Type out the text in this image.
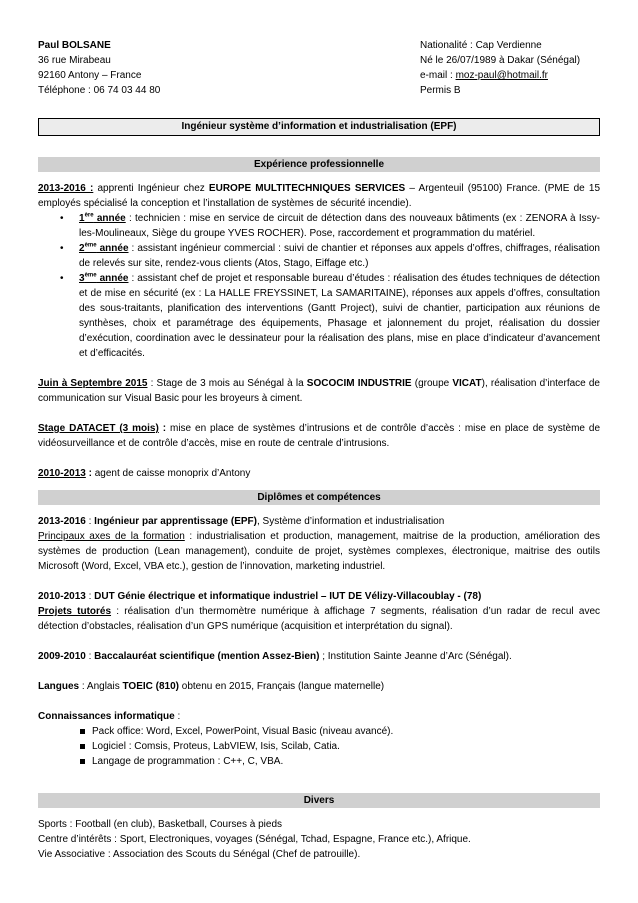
Paul BOLSANE
36 rue Mirabeau
92160 Antony – France
Téléphone : 06 74 03 44 80
Nationalité : Cap Verdienne
Né le 26/07/1989 à Dakar (Sénégal)
e-mail : moz-paul@hotmail.fr
Permis B
Ingénieur système d’information et industrialisation (EPF)
Expérience professionnelle

2013-2016 : apprenti Ingénieur chez EUROPE MULTITECHNIQUES SERVICES – Argenteuil (95100) France. (PME de 15 employés spécialisé la conception et l’installation de systèmes de sécurité incendie).

• 1ère année : technicien : mise en service de circuit de détection dans des nouveaux bâtiments (ex : ZENORA à Issy-les-Moulineaux, Siège du groupe YVES ROCHER). Pose, raccordement et programmation du matériel.
• 2ème année : assistant ingénieur commercial : suivi de chantier et réponses aux appels d’offres, chiffrages, réalisation de relevés sur site, rendez-vous clients (Atos, Stago, Eiffage etc.)
• 3ème année : assistant chef de projet et responsable bureau d’études : réalisation des études techniques de détection et de mise en sécurité (ex : La HALLE FREYSSINET, La SAMARITAINE), réponses aux appels d’offres, consultation des sous-traitants, planification des interventions (Gantt Project), suivi de chantier, participation aux réunions de synthèses, choix et paramétrage des équipements, Phasage et jalonnement du projet, réalisation du dossier d’exécution, coordination avec le dessinateur pour la réalisation des plans, mise en place d’indicateur d’avancement et d’efficacités.

Juin à Septembre 2015 : Stage de 3 mois au Sénégal à la SOCOCIM INDUSTRIE (groupe VICAT), réalisation d’interface de communication sur Visual Basic pour les broyeurs à ciment.

Stage DATACET (3 mois) : mise en place de systèmes d’intrusions et de contrôle d’accès : mise en place de système de vidéosurveillance et de contrôle d’accès, mise en route de centrale d’intrusions.

2010-2013 : agent de caisse monoprix d’Antony

Diplômes et compétences

2013-2016 : Ingénieur par apprentissage (EPF), Système d’information et industrialisation

Principaux axes de la formation : industrialisation et production, management, maitrise de la production, amélioration des systèmes de production (Lean management), conduite de projet, systèmes complexes, électronique, maitrise des outils Microsoft (Word, Excel, VBA etc.), gestion de l’innovation, marketing industriel.

2010-2013 : DUT Génie électrique et informatique industriel – IUT DE Vélizy-Villacoublay - (78)

Projets tutorés : réalisation d’un thermomètre numérique à affichage 7 segments, réalisation d’un radar de recul avec détection d’obstacles, réalisation d’un GPS numérique (acquisition et interprétation du signal).

2009-2010 : Baccalauréat scientifique (mention Assez-Bien) ; Institution Sainte Jeanne d’Arc (Sénégal).

Langues : Anglais TOEIC (810) obtenu en 2015, Français (langue maternelle)

Connaissances informatique :

Pack office: Word, Excel, PowerPoint, Visual Basic (niveau avancé).
Logiciel : Comsis, Proteus, LabVIEW, Isis, Scilab, Catia.
Langage de programmation : C++, C, VBA.
Divers

Sports : Football (en club), Basketball, Courses à pieds

Centre d’intérêts : Sport, Electroniques, voyages (Sénégal, Tchad, Espagne, France etc.), Afrique.

Vie Associative : Association des Scouts du Sénégal (Chef de patrouille).
